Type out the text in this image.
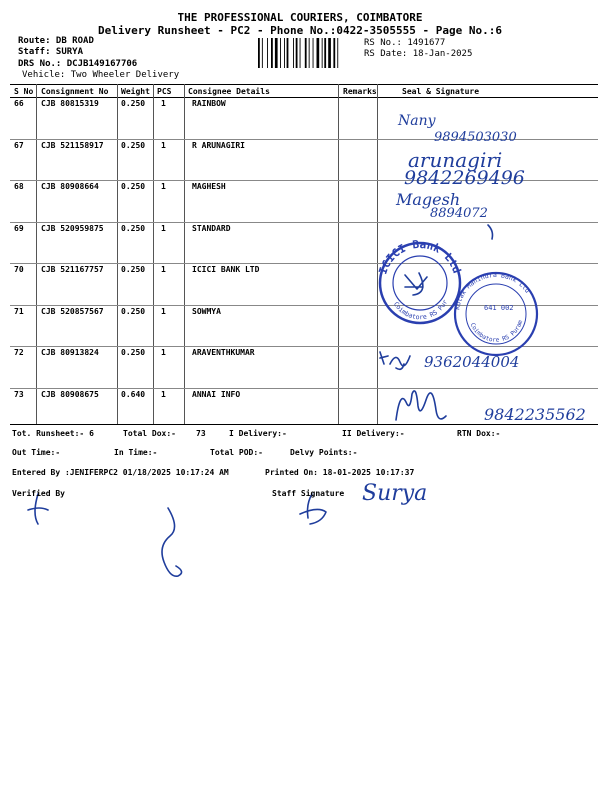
THE PROFESSIONAL COURIERS, COIMBATORE
Delivery Runsheet - PC2 - Phone No.:0422-3505555 - Page No.:6
Route: DB ROAD
Staff: SURYA
DRS No.: DCJB149167706
Vehicle: Two Wheeler Delivery
RS No.: 1491677
RS Date: 18-Jan-2025
S No Consignment No Weight PCS Consignee Details	Remarks	Seal & Signature
66 CJB 80815319	0.250 1	RAINBOW
67 CJB 521158917 0.250 1	R ARUNAGIRI
68 CJB 80908664	0.250 1	MAGHESH
69 CJB 520959875 0.250 1	STANDARD
70 CJB 521167757 0.250 1	ICICI BANK LTD
71 CJB 520857567 0.250 1	SOWMYA
72 CJB 80913824	0.250 1	ARAVENTHKUMAR
73 CJB 80908675	0.640 1	ANNAI INFO
Nany
9894503030
arunagiri
9842269496
Magesh
8894072
ICICI Bank Ltd
Coimbatore RS Pur
Kotak Mahindra Bank Ltd
Coimbatore RS Puram
641 002
9362044004
9842235562
Surya
Tot. Runsheet:- 6	Total Dox:-	73	I Delivery:-	II Delivery:-	RTN Dox:-
Out Time:-	In Time:-	Total POD:-	Delvy Points:-
Entered By :JENIFERPC2 01/18/2025 10:17:24 AM	Printed On: 18-01-2025 10:17:37
Verified By	Staff Signature
